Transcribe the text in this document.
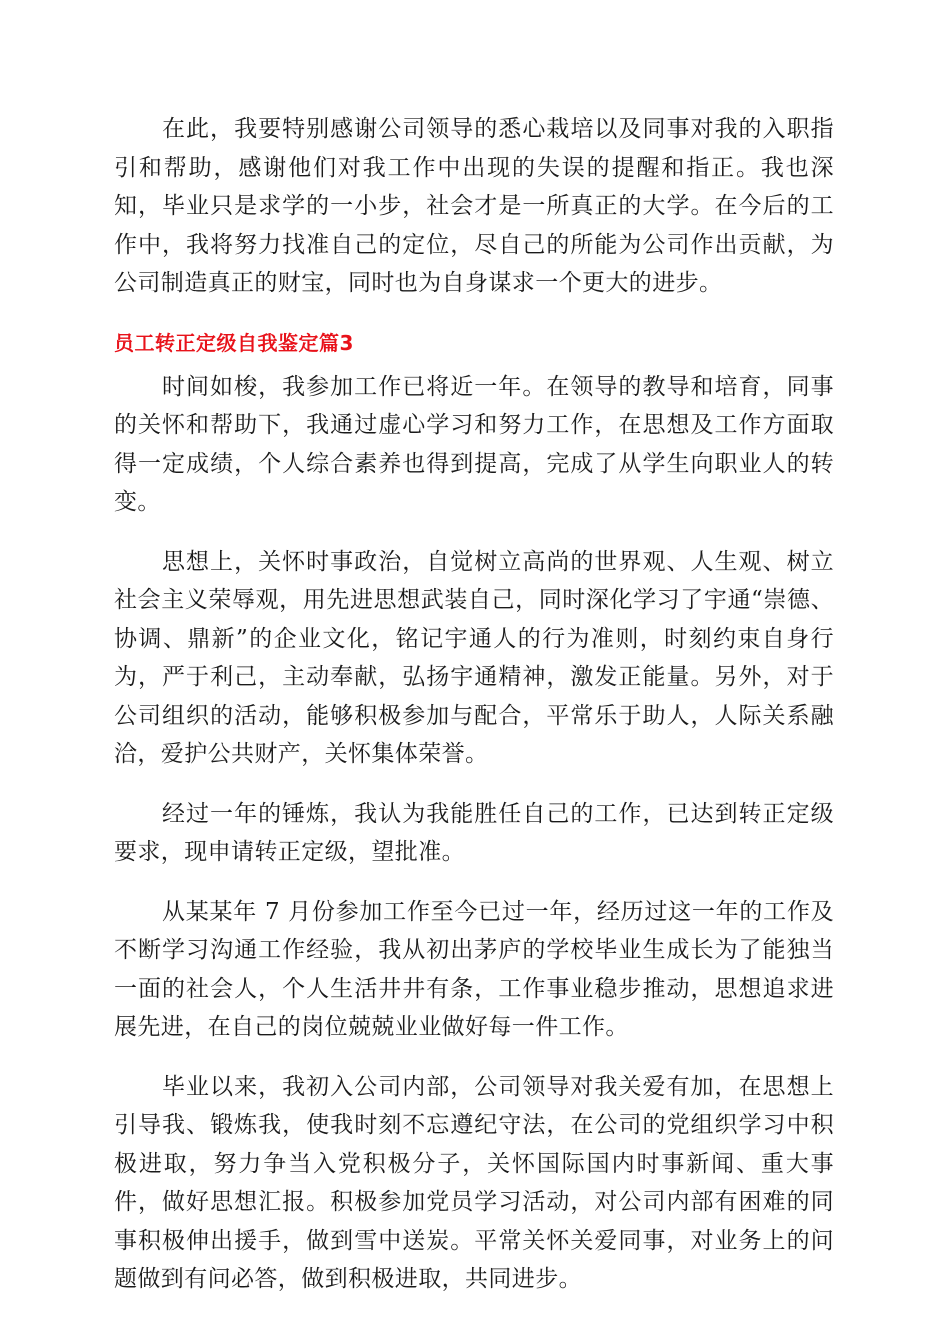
在此，我要特别感谢公司领导的悉心栽培以及同事对我的入职指引和帮助，感谢他们对我工作中出现的失误的提醒和指正。我也深知，毕业只是求学的一小步，社会才是一所真正的大学。在今后的工作中，我将努力找准自己的定位，尽自己的所能为公司作出贡献，为公司制造真正的财宝，同时也为自身谋求一个更大的进步。

员工转正定级自我鉴定篇3

时间如梭，我参加工作已将近一年。在领导的教导和培育，同事的关怀和帮助下，我通过虚心学习和努力工作，在思想及工作方面取得一定成绩，个人综合素养也得到提高，完成了从学生向职业人的转变。

思想上，关怀时事政治，自觉树立高尚的世界观、人生观、树立社会主义荣辱观，用先进思想武装自己，同时深化学习了宇通“崇德、协调、鼎新”的企业文化，铭记宇通人的行为准则，时刻约束自身行为，严于利己，主动奉献，弘扬宇通精神，激发正能量。另外，对于公司组织的活动，能够积极参加与配合，平常乐于助人，人际关系融洽，爱护公共财产，关怀集体荣誉。

经过一年的锤炼，我认为我能胜任自己的工作，已达到转正定级要求，现申请转正定级，望批准。

从某某年 7 月份参加工作至今已过一年，经历过这一年的工作及不断学习沟通工作经验，我从初出茅庐的学校毕业生成长为了能独当一面的社会人，个人生活井井有条，工作事业稳步推动，思想追求进展先进，在自己的岗位兢兢业业做好每一件工作。

毕业以来，我初入公司内部，公司领导对我关爱有加，在思想上引导我、锻炼我，使我时刻不忘遵纪守法，在公司的党组织学习中积极进取，努力争当入党积极分子，关怀国际国内时事新闻、重大事件，做好思想汇报。积极参加党员学习活动，对公司内部有困难的同事积极伸出援手，做到雪中送炭。平常关怀关爱同事，对业务上的问题做到有问必答，做到积极进取，共同进步。
